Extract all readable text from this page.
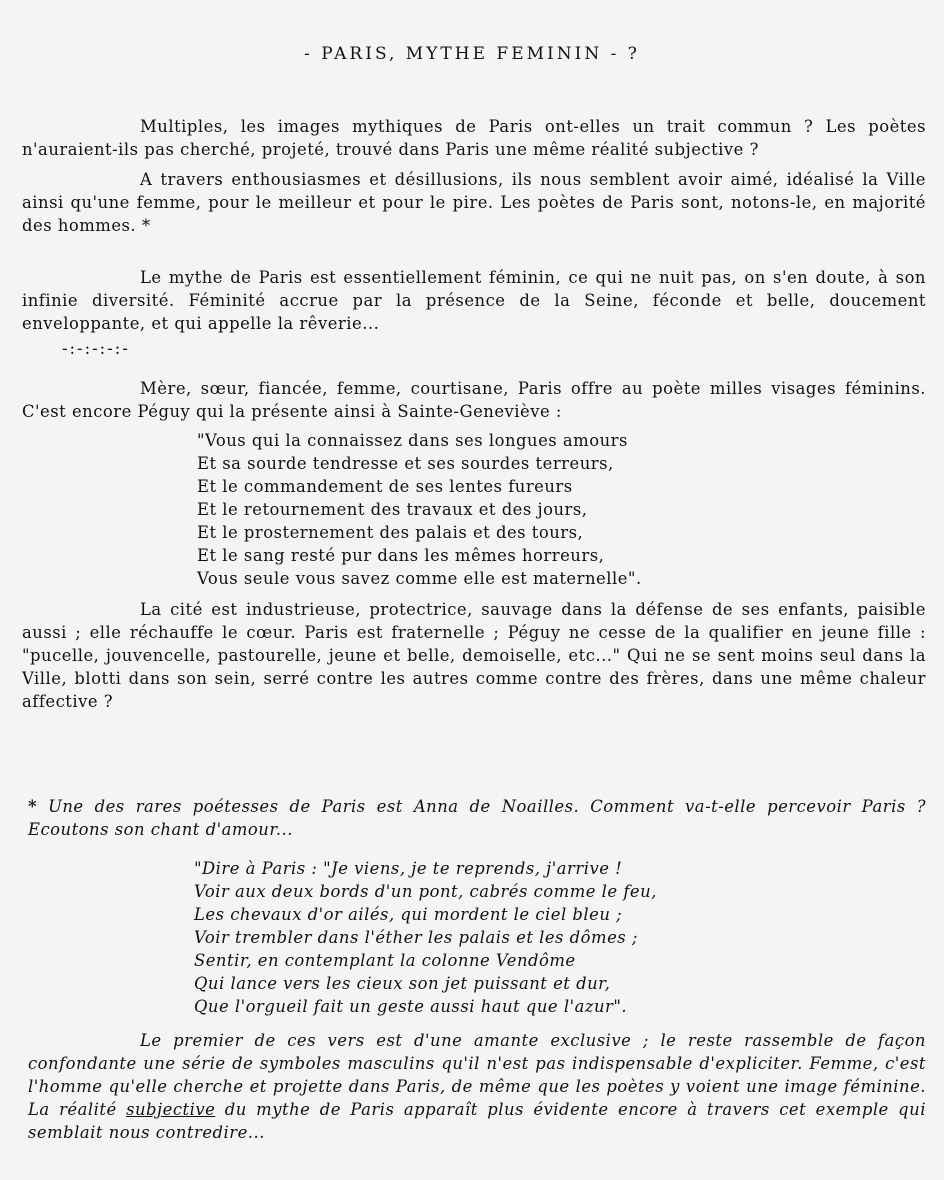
- PARIS, MYTHE FEMININ - ?

Multiples, les images mythiques de Paris ont-elles un trait commun ? Les poètes n'auraient-ils pas cherché, projeté, trouvé dans Paris une même réalité subjective ?

A travers enthousiasmes et désillusions, ils nous semblent avoir aimé, idéalisé la Ville ainsi qu'une femme, pour le meilleur et pour le pire. Les poètes de Paris sont, notons-le, en majorité des hommes. *

Le mythe de Paris est essentiellement féminin, ce qui ne nuit pas, on s'en doute, à son infinie diversité. Féminité accrue par la présence de la Seine, féconde et belle, doucement enveloppante, et qui appelle la rêverie...

-:-:-:-:-

Mère, sœur, fiancée, femme, courtisane, Paris offre au poète milles visages féminins. C'est encore Péguy qui la présente ainsi à Sainte-Geneviève :

"Vous qui la connaissez dans ses longues amours
Et sa sourde tendresse et ses sourdes terreurs,
Et le commandement de ses lentes fureurs
Et le retournement des travaux et des jours,
Et le prosternement des palais et des tours,
Et le sang resté pur dans les mêmes horreurs,
Vous seule vous savez comme elle est maternelle".

La cité est industrieuse, protectrice, sauvage dans la défense de ses enfants, paisible aussi ; elle réchauffe le cœur. Paris est fraternelle ; Péguy ne cesse de la qualifier en jeune fille : "pucelle, jouvencelle, pastourelle, jeune et belle, demoiselle, etc..." Qui ne se sent moins seul dans la Ville, blotti dans son sein, serré contre les autres comme contre des frères, dans une même chaleur affective ?

* Une des rares poétesses de Paris est Anna de Noailles. Comment va-t-elle percevoir Paris ? Ecoutons son chant d'amour...

"Dire à Paris : "Je viens, je te reprends, j'arrive !
Voir aux deux bords d'un pont, cabrés comme le feu,
Les chevaux d'or ailés, qui mordent le ciel bleu ;
Voir trembler dans l'éther les palais et les dômes ;
Sentir, en contemplant la colonne Vendôme
Qui lance vers les cieux son jet puissant et dur,
Que l'orgueil fait un geste aussi haut que l'azur".

Le premier de ces vers est d'une amante exclusive ; le reste rassemble de façon confondante une série de symboles masculins qu'il n'est pas indispensable d'expliciter. Femme, c'est l'homme qu'elle cherche et projette dans Paris, de même que les poètes y voient une image féminine. La réalité subjective du mythe de Paris apparaît plus évidente encore à travers cet exemple qui semblait nous contredire...
